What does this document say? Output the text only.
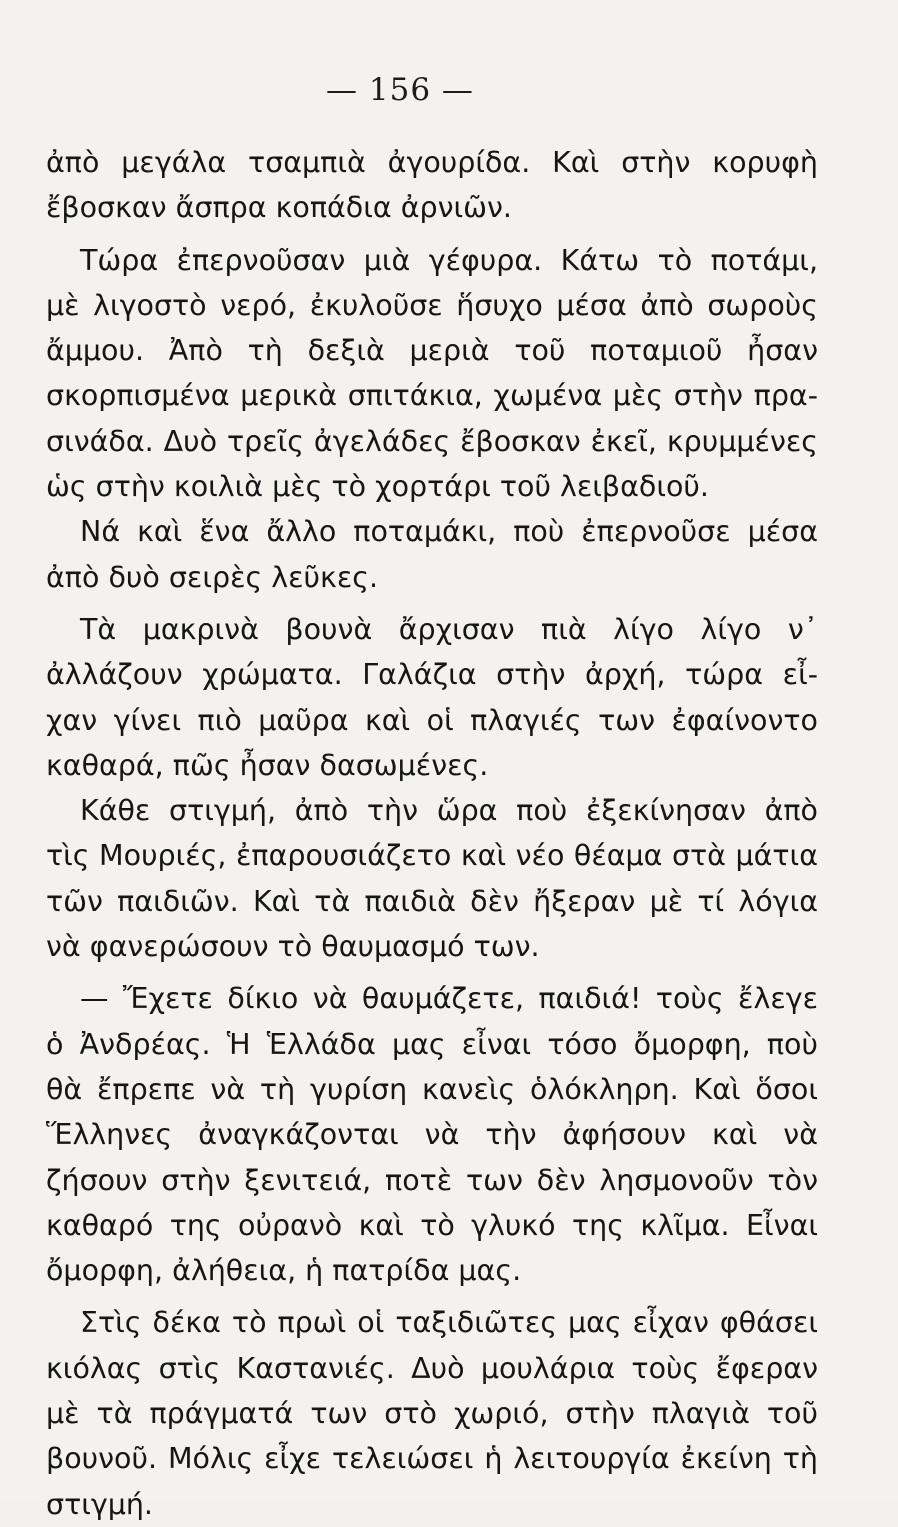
— 156 —
ἀπὸ μεγάλα τσαμπιὰ ἀγουρίδα. Καὶ στὴν κορυφὴ
ἔβοσκαν ἄσπρα κοπάδια ἀρνιῶν.
Τώρα ἐπερνοῦσαν μιὰ γέφυρα. Κάτω τὸ ποτάμι,
μὲ λιγοστὸ νερό, ἐκυλοῦσε ἥσυχο μέσα ἀπὸ σωροὺς
ἄμμου. Ἀπὸ τὴ δεξιὰ μεριὰ τοῦ ποταμιοῦ ἦσαν
σκορπισμένα μερικὰ σπιτάκια, χωμένα μὲς στὴν πρα-
σινάδα. Δυὸ τρεῖς ἀγελάδες ἔβοσκαν ἐκεῖ, κρυμμένες
ὡς στὴν κοιλιὰ μὲς τὸ χορτάρι τοῦ λειβαδιοῦ.
Νά καὶ ἕνα ἄλλο ποταμάκι, ποὺ ἐπερνοῦσε μέσα
ἀπὸ δυὸ σειρὲς λεῦκες.
Τὰ μακρινὰ βουνὰ ἄρχισαν πιὰ λίγο λίγο ν᾽
ἀλλάζουν χρώματα. Γαλάζια στὴν ἀρχή, τώρα εἶ-
χαν γίνει πιὸ μαῦρα καὶ οἱ πλαγιές των ἐφαίνοντο
καθαρά, πῶς ἦσαν δασωμένες.
Κάθε στιγμή, ἀπὸ τὴν ὥρα ποὺ ἐξεκίνησαν ἀπὸ
τὶς Μουριές, ἐπαρουσιάζετο καὶ νέο θέαμα στὰ μάτια
τῶν παιδιῶν. Καὶ τὰ παιδιὰ δὲν ἤξεραν μὲ τί λόγια
νὰ φανερώσουν τὸ θαυμασμό των.
— Ἔχετε δίκιο νὰ θαυμάζετε, παιδιά! τοὺς ἔλεγε
ὁ Ἀνδρέας. Ἡ Ἑλλάδα μας εἶναι τόσο ὄμορφη, ποὺ
θὰ ἔπρεπε νὰ τὴ γυρίση κανεὶς ὁλόκληρη. Καὶ ὅσοι
Ἕλληνες ἀναγκάζονται νὰ τὴν ἀφήσουν καὶ νὰ
ζήσουν στὴν ξενιτειά, ποτὲ των δὲν λησμονοῦν τὸν
καθαρό της οὐρανὸ καὶ τὸ γλυκό της κλῖμα. Εἶναι
ὄμορφη, ἀλήθεια, ἡ πατρίδα μας.
Στὶς δέκα τὸ πρωὶ οἱ ταξιδιῶτες μας εἶχαν φθάσει
κιόλας στὶς Καστανιές. Δυὸ μουλάρια τοὺς ἔφεραν
μὲ τὰ πράγματά των στὸ χωριό, στὴν πλαγιὰ τοῦ
βουνοῦ. Μόλις εἶχε τελειώσει ἡ λειτουργία ἐκείνη τὴ
στιγμή.
